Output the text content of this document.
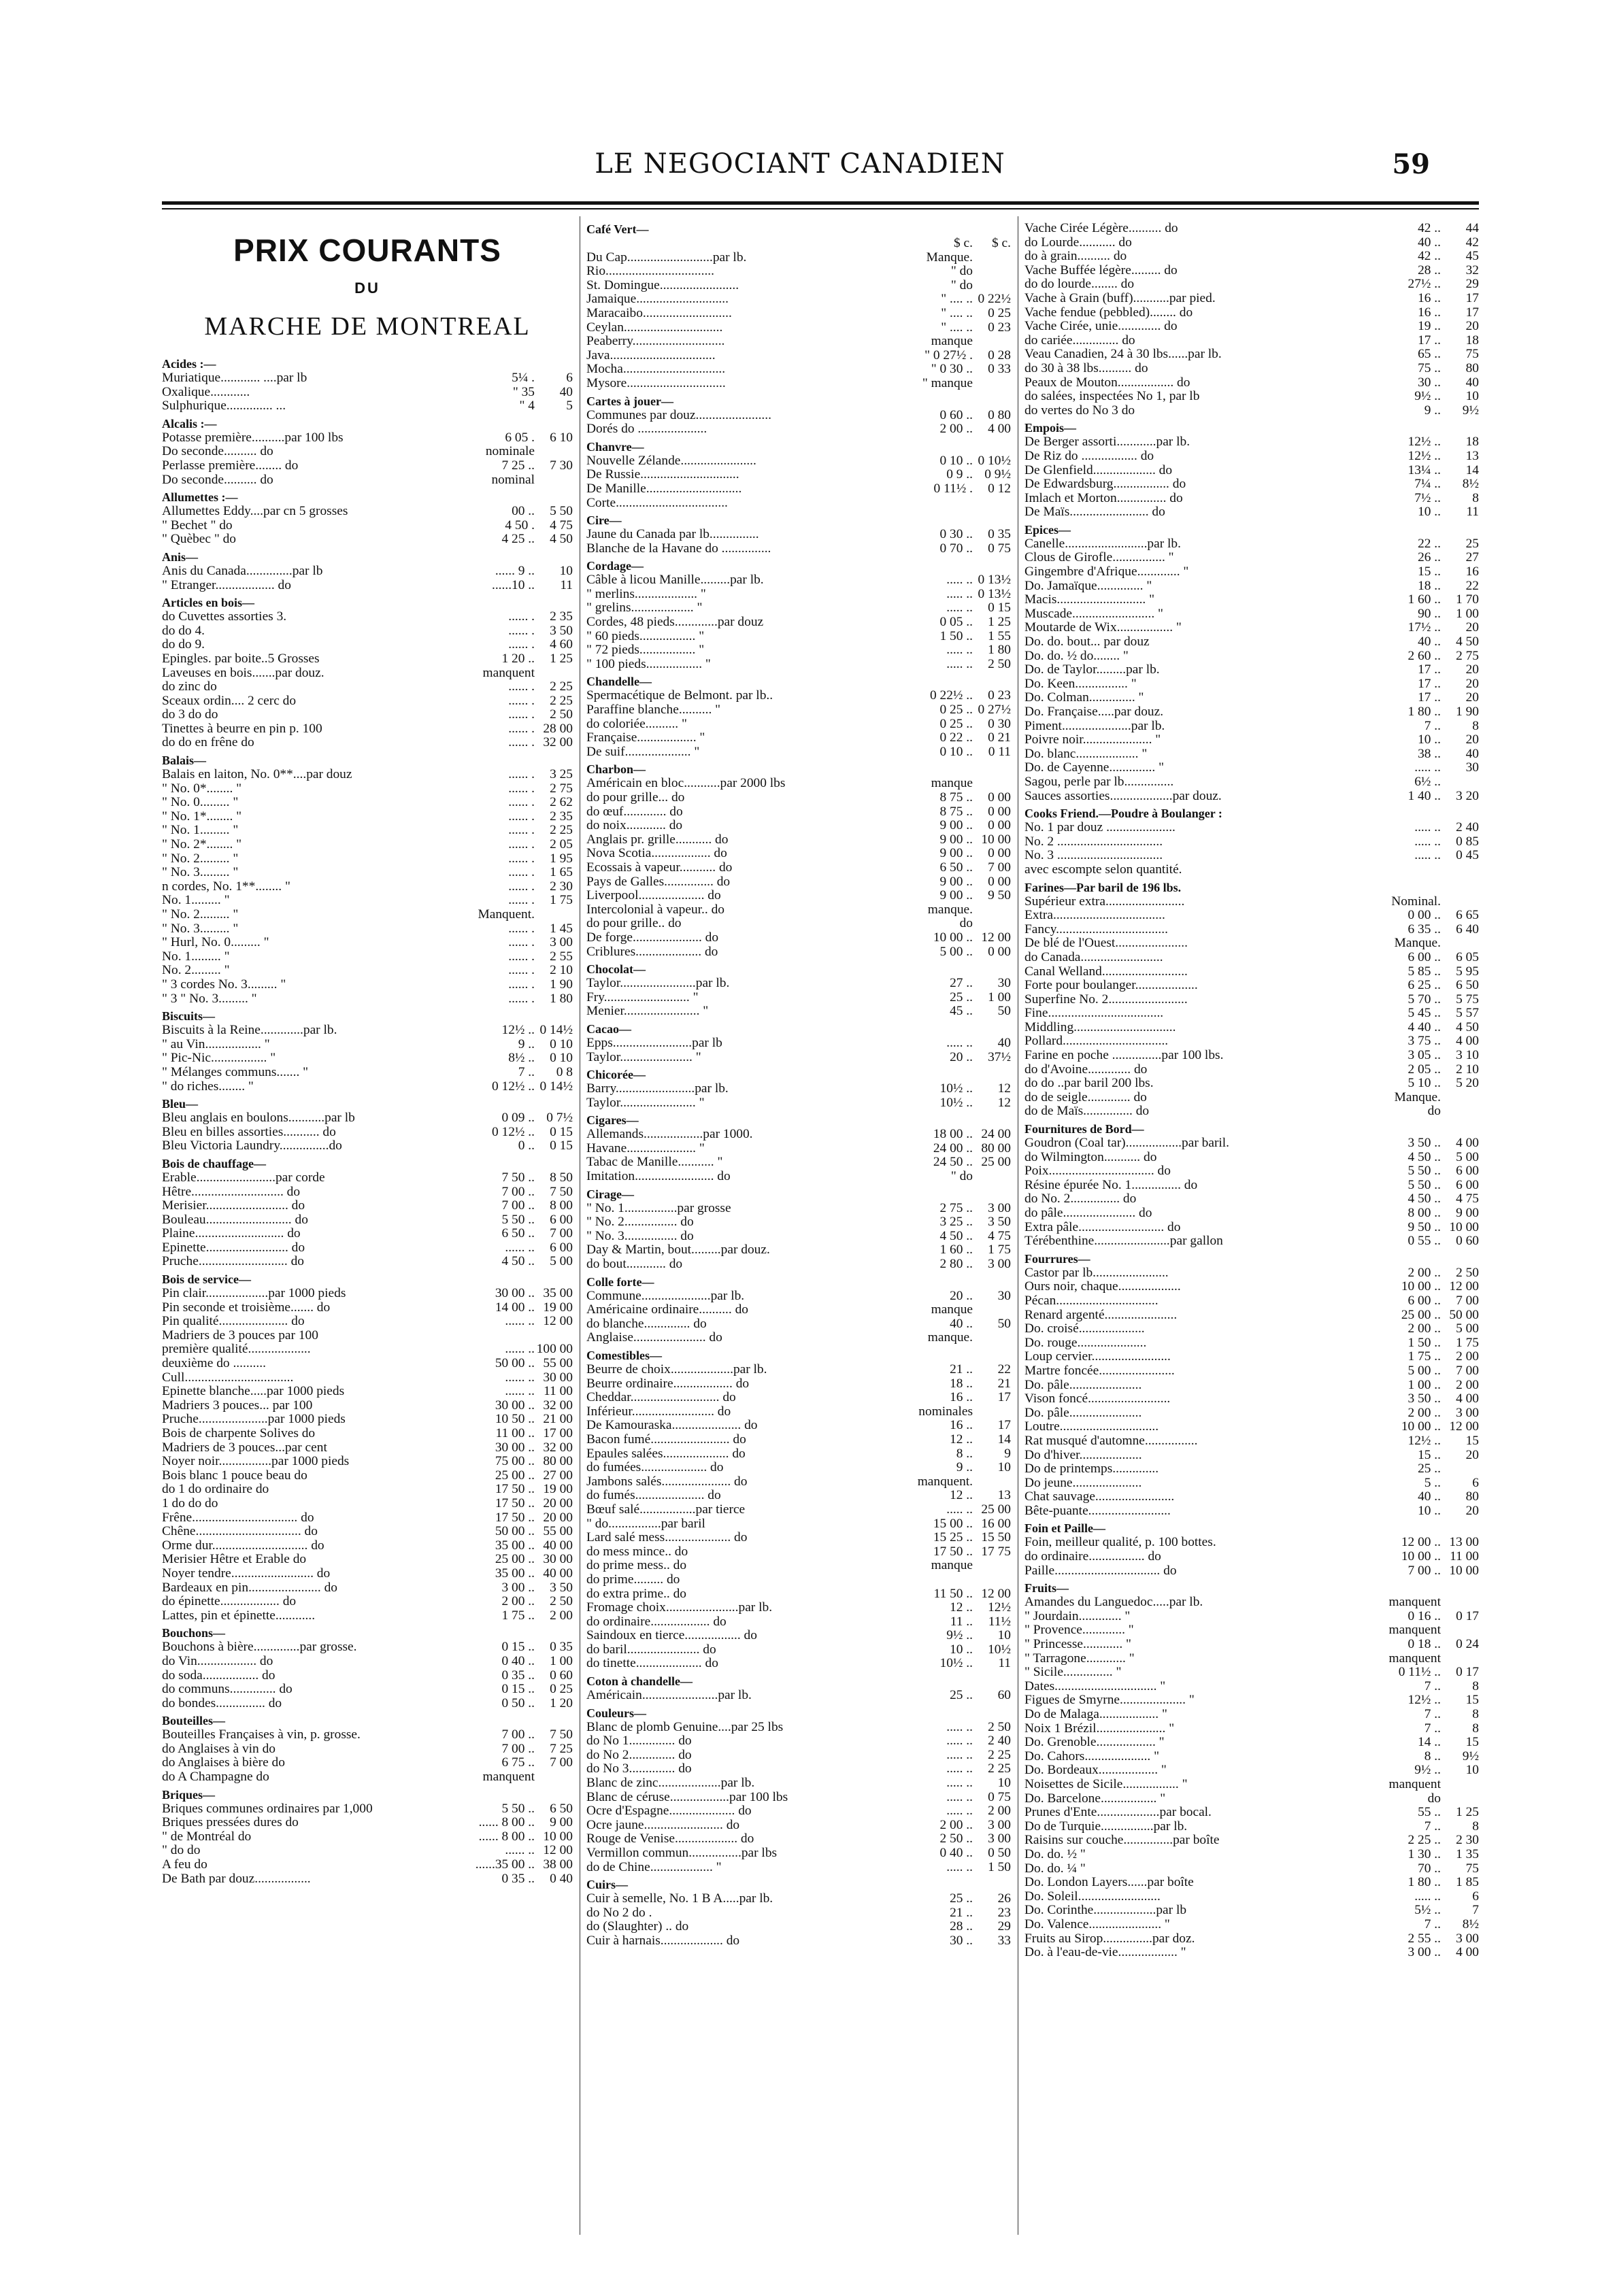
LE NEGOCIANT CANADIEN	59
PRIX COURANTS
DU
MARCHE DE MONTREAL
Acides :—
Muriatique............ ....par lb	5¼ .	6
Oxalique............	" 35	40
Sulphurique.............. ...	" 4	5
Alcalis :—
Potasse première..........par 100 lbs	6 05 .	6 10
Do seconde.......... do	nominale
Perlasse première........ do	7 25 ..	7 30
Do seconde.......... do	nominal
Allumettes :—
Allumettes Eddy....par cn 5 grosses	00 ..	5 50
" Bechet " do	4 50 .	4 75
" Quèbec " do	4 25 ..	4 50
Anis—
Anis du Canada..............par lb	...... 9 ..	10
" Etranger.................. do	......10 ..	11
Articles en bois—
do Cuvettes assorties 3.	...... .	2 35
do do 4.	...... .	3 50
do do 9.	...... .	4 60
Epingles. par boite..5 Grosses	1 20 ..	1 25
Laveuses en bois.......par douz.	manquent
do zinc do	...... .	2 25
Sceaux ordin.... 2 cerc do	...... .	2 25
do 3 do do	...... .	2 50
Tinettes à beurre en pin p. 100	...... . 28 00
do do en frêne do	...... . 32 00
Balais—
Balais en laiton, No. 0**....par douz	...... .	3 25
" No. 0*........ "	...... .	2 75
" No. 0......... "	...... .	2 62
" No. 1*........ "	...... .	2 35
" No. 1......... "	...... .	2 25
" No. 2*........ "	...... .	2 05
" No. 2......... "	...... .	1 95
" No. 3......... "	...... .	1 65
n cordes, No. 1**........ "	...... .	2 30
No. 1......... "	...... .	1 75
" No. 2......... "	Manquent.
" No. 3......... "	...... .	1 45
" Hurl, No. 0......... "	...... .	3 00
No. 1......... "	...... .	2 55
No. 2......... "	...... .	2 10
" 3 cordes No. 3......... "	...... .	1 90
" 3 " No. 3......... "	...... .	1 80
Biscuits—
Biscuits à la Reine.............par lb.	12½ .. 0 14½
" au Vin................. "	9 ..	0 10
" Pic-Nic................. "	8½ ..	0 10
" Mélanges communs....... "	7 ..	0 8
" do riches........ "	0 12½ .. 0 14½
Bleu—
Bleu anglais en boulons...........par lb	0 09 .. 0 7½
Bleu en billes assorties........... do	0 12½ ..	0 15
Bleu Victoria Laundry...............do	0 ..	0 15
Bois de chauffage—
Erable........................par corde	7 50 ..	8 50
Hêtre............................ do	7 00 ..	7 50
Merisier......................... do	7 00 ..	8 00
Bouleau.......................... do	5 50 ..	6 00
Plaine........................... do	6 50 ..	7 00
Epinette......................... do	...... ..	6 00
Pruche........................... do	4 50 ..	5 00
Bois de service—
Pin clair...................par 1000 pieds	30 00 .. 35 00
Pin seconde et troisième....... do	14 00 .. 19 00
Pin qualité..................... do	...... .. 12 00
Madriers de 3 pouces par 100
première qualité...................	...... .. 100 00
deuxième do ..........	50 00 .. 55 00
Cull.................................	...... .. 30 00
Epinette blanche.....par 1000 pieds	...... .. 11 00
Madriers 3 pouces... par 100	30 00 .. 32 00
Pruche.....................par 1000 pieds	10 50 .. 21 00
Bois de charpente Solives do	11 00 .. 17 00
Madriers de 3 pouces...par cent	30 00 .. 32 00
Noyer noir................par 1000 pieds	75 00 .. 80 00
Bois blanc 1 pouce beau do	25 00 .. 27 00
do 1 do ordinaire do	17 50 .. 19 00
1 do do do	17 50 .. 20 00
Frêne................................ do	17 50 .. 20 00
Chêne................................ do	50 00 .. 55 00
Orme dur............................. do	35 00 .. 40 00
Merisier Hêtre et Erable do	25 00 .. 30 00
Noyer tendre......................... do	35 00 .. 40 00
Bardeaux en pin...................... do	3 00 ..	3 50
do épinette.................. do	2 00 ..	2 50
Lattes, pin et épinette............	1 75 ..	2 00
Bouchons—
Bouchons à bière..............par grosse.	0 15 ..	0 35
do Vin.................. do	0 40 ..	1 00
do soda................. do	0 35 ..	0 60
do communs.............. do	0 15 ..	0 25
do bondes............... do	0 50 ..	1 20
Bouteilles—
Bouteilles Françaises à vin, p. grosse.	7 00 ..	7 50
do Anglaises à vin do	7 00 ..	7 25
do Anglaises à bière do	6 75 ..	7 00
do A Champagne do	manquent
Briques—
Briques communes ordinaires par 1,000	5 50 ..	6 50
Briques pressées dures do	...... 8 00 ..	9 00
" de Montréal do	...... 8 00 .. 10 00
" do do	...... .. 12 00
A feu do	......35 00 .. 38 00
De Bath par douz.................	0 35 ..	0 40
Café Vert—
$ c.	$ c.
Du Cap..........................par lb.	Manque.
Rio.................................	" do
St. Domingue........................	" do
Jamaique............................	" .... .. 0 22½
Maracaibo...........................	" .... ..	0 25
Ceylan..............................	" .... ..	0 23
Peaberry............................	manque
Java................................	" 0 27½ .	0 28
Mocha...............................	" 0 30 ..	0 33
Mysore..............................	" manque
Cartes à jouer—
Communes par douz.......................	0 60 ..	0 80
Dorés do .....................	2 00 ..	4 00
Chanvre—
Nouvelle Zélande.......................	0 10 .. 0 10½
De Russie..............................	0 9 .. 0 9½
De Manille.............................	0 11½ .	0 12
Corte..................................
Cire—
Jaune du Canada par lb...............	0 30 ..	0 35
Blanche de la Havane do ...............	0 70 ..	0 75
Cordage—
Câble à licou Manille.........par lb.	..... .. 0 13½
" merlins................... "	..... .. 0 13½
" grelins................... "	..... ..	0 15
Cordes, 48 pieds.............par douz	0 05 ..	1 25
" 60 pieds................. "	1 50 ..	1 55
" 72 pieds................. "	..... ..	1 80
" 100 pieds................. "	..... ..	2 50
Chandelle—
Spermacétique de Belmont. par lb..	0 22½ ..	0 23
Paraffine blanche.......... "	0 25 .. 0 27½
do coloriée.......... "	0 25 ..	0 30
Française.................. "	0 22 ..	0 21
De suif.................... "	0 10 ..	0 11
Charbon—
Américain en bloc...........par 2000 lbs	manque
do pour grille... do	8 75 ..	0 00
do œuf............. do	8 75 ..	0 00
do noix............ do	9 00 ..	0 00
Anglais pr. grille........... do	9 00 .. 10 00
Nova Scotia.................. do	9 00 ..	0 00
Ecossais à vapeur........... do	6 50 ..	7 00
Pays de Galles............... do	9 00 ..	0 00
Liverpool.................... do	9 00 ..	9 50
Intercolonial à vapeur.. do	manque.
do pour grille.. do	do
De forge..................... do	10 00 .. 12 00
Criblures.................... do	5 00 ..	0 00
Chocolat—
Taylor.......................par lb.	27 ..	30
Fry.......................... "	25 ..	1 00
Menier....................... "	45 ..	50
Cacao—
Epps........................par lb	..... ..	40
Taylor...................... "	20 ..	37½
Chicorée—
Barry........................par lb.	10½ ..	12
Taylor....................... "	10½ ..	12
Cigares—
Allemands..................par 1000.	18 00 .. 24 00
Havane..................... "	24 00 .. 80 00
Tabac de Manille........... "	24 50 .. 25 00
Imitation........................ do	" do
Cirage—
" No. 1................par grosse	2 75 ..	3 00
" No. 2................ do	3 25 ..	3 50
" No. 3................ do	4 50 ..	4 75
Day & Martin, bout.........par douz.	1 60 ..	1 75
do bout............ do	2 80 ..	3 00
Colle forte—
Commune.....................par lb.	20 ..	30
Américaine ordinaire.......... do	manque
do blanche.............. do	40 ..	50
Anglaise...................... do	manque.
Comestibles—
Beurre de choix...................par lb.	21 ..	22
Beurre ordinaire.................. do	18 ..	21
Cheddar........................... do	16 ..	17
Inférieur......................... do	nominales
De Kamouraska..................... do	16 ..	17
Bacon fumé........................ do	12 ..	14
Epaules salées.................... do	8 ..	9
do fumées.................... do	9 ..	10
Jambons salés..................... do	manquent.
do fumés..................... do	12 ..	13
Bœuf salé.................par tierce	..... .. 25 00
" do................par baril	15 00 .. 16 00
Lard salé mess.................... do	15 25 .. 15 50
do mess mince.. do	17 50 .. 17 75
do prime mess.. do	manque
do prime......... do
do extra prime.. do	11 50 .. 12 00
Fromage choix......................par lb.	12 ..	12½
do ordinaire.................. do	11 ..	11½
Saindoux en tierce................. do	9½ ..	10
do baril...................... do	10 ..	10½
do tinette.................... do	10½ ..	11
Coton à chandelle—
Américain.......................par lb.	25 ..	60
Couleurs—
Blanc de plomb Genuine....par 25 lbs	..... ..	2 50
do No 1.............. do	..... ..	2 40
do No 2.............. do	..... ..	2 25
do No 3.............. do	..... ..	2 25
Blanc de zinc...................par lb.	..... ..	10
Blanc de céruse..................par 100 lbs	..... ..	0 75
Ocre d'Espagne.................... do	..... ..	2 00
Ocre jaune........................ do	2 00 ..	3 00
Rouge de Venise................... do	2 50 ..	3 00
Vermillon commun................par lbs	0 40 ..	0 50
do de Chine................... "	..... ..	1 50
Cuirs—
Cuir à semelle, No. 1 B A.....par lb.	25 ..	26
do No 2 do .	21 ..	23
do (Slaughter) .. do	28 ..	29
Cuir à harnais................... do	30 ..	33
Vache Cirée Légère.......... do	42 ..	44
do Lourde........... do	40 ..	42
do à grain.......... do	42 ..	45
Vache Buffée légère......... do	28 ..	32
do do lourde........ do	27½ ..	29
Vache à Grain (buff)...........par pied.	16 ..	17
Vache fendue (pebbled)........ do	16 ..	17
Vache Cirée, unie............. do	19 ..	20
do cariée.............. do	17 ..	18
Veau Canadien, 24 à 30 lbs......par lb.	65 ..	75
do 30 à 38 lbs.......... do	75 ..	80
Peaux de Mouton................. do	30 ..	40
do salées, inspectées No 1, par lb	9½ ..	10
do vertes do No 3 do	9 ..	9½
Empois—
De Berger assorti............par lb.	12½ ..	18
De Riz do ................. do	12½ ..	13
De Glenfield................... do	13¼ ..	14
De Edwardsburg................. do	7¼ ..	8½
Imlach et Morton............... do	7½ ..	8
De Maïs........................ do	10 ..	11
Epices—
Canelle.........................par lb.	22 ..	25
Clous de Girofle................ "	26 ..	27
Gingembre d'Afrique............. "	15 ..	16
Do. Jamaïque.............. "	18 ..	22
Macis........................... "	1 60 ..	1 70
Muscade......................... "	90 ..	1 00
Moutarde de Wix................. "	17½ ..	20
Do. do. bout... par douz	40 ..	4 50
Do. do. ½ do........ "	2 60 ..	2 75
Do. de Taylor.........par lb.	17 ..	20
Do. Keen................ "	17 ..	20
Do. Colman.............. "	17 ..	20
Do. Française.....par douz.	1 80 ..	1 90
Piment.....................par lb.	7 ..	8
Poivre noir..................... "	10 ..	20
Do. blanc................... "	38 ..	40
Do. de Cayenne.............. "	..... ..	30
Sagou, perle par lb...............	6½ ..
Sauces assorties...................par douz.	1 40 ..	3 20
Cooks Friend.—Poudre à Boulanger :
No. 1 par douz .....................	..... ..	2 40
No. 2 ................................	..... ..	0 85
No. 3 ................................	..... ..	0 45
avec escompte selon quantité.
Farines—Par baril de 196 lbs.
Supérieur extra........................	Nominal.
Extra..................................	0 00 ..	6 65
Fancy..................................	6 35 ..	6 40
De blé de l'Ouest......................	Manque.
do Canada.........................	6 00 ..	6 05
Canal Welland..........................	5 85 ..	5 95
Forte pour boulanger...................	6 25 ..	6 50
Superfine No. 2........................	5 70 ..	5 75
Fine...................................	5 45 ..	5 57
Middling...............................	4 40 ..	4 50
Pollard................................	3 75 ..	4 00
Farine en poche ...............par 100 lbs.	3 05 ..	3 10
do d'Avoine............. do	2 05 ..	2 10
do do ..par baril 200 lbs.	5 10 ..	5 20
do de seigle............. do	Manque.
do de Maïs............... do	do
Fournitures de Bord—
Goudron (Coal tar).................par baril.	3 50 ..	4 00
do Wilmington........... do	4 50 ..	5 00
Poix................................ do	5 50 ..	6 00
Résine épurée No. 1............... do	5 50 ..	6 00
do No. 2............... do	4 50 ..	4 75
do pâle...................... do	8 00 ..	9 00
Extra pâle.......................... do	9 50 .. 10 00
Térébenthine.......................par gallon	0 55 ..	0 60
Fourrures—
Castor par lb.......................	2 00 ..	2 50
Ours noir, chaque...................	10 00 .. 12 00
Pécan...............................	6 00 ..	7 00
Renard argenté......................	25 00 .. 50 00
Do. croisé....................	2 00 ..	5 00
Do. rouge.....................	1 50 ..	1 75
Loup cervier........................	1 75 ..	2 00
Martre foncée.......................	5 00 ..	7 00
Do. pâle......................	1 00 ..	2 00
Vison foncé.........................	3 50 ..	4 00
Do. pâle......................	2 00 ..	3 00
Loutre..............................	10 00 .. 12 00
Rat musqué d'automne................	12½ ..	15
Do d'hiver...................	15 ..	20
Do de printemps..............	25 ..
Do jeune.....................	5 ..	6
Chat sauvage........................	40 ..	80
Bête-puante.........................	10 ..	20
Foin et Paille—
Foin, meilleur qualité, p. 100 bottes.	12 00 .. 13 00
do ordinaire................. do	10 00 .. 11 00
Paille................................ do	7 00 .. 10 00
Fruits—
Amandes du Languedoc.....par lb.	manquent
" Jourdain............. "	0 16 ..	0 17
" Provence............. "	manquent
" Princesse............ "	0 18 ..	0 24
" Tarragone............ "	manquent
" Sicile............... "	0 11½ ..	0 17
Dates............................... "	7 ..	8
Figues de Smyrne.................... "	12½ ..	15
Do de Malaga.................. "	7 ..	8
Noix 1 Brézil..................... "	7 ..	8
Do. Grenoble.................. "	14 ..	15
Do. Cahors.................... "	8 ..	9½
Do. Bordeaux.................. "	9½ ..	10
Noisettes de Sicile................. "	manquent
Do. Barcelone................. "	do
Prunes d'Ente...................par bocal.	55 ..	1 25
Do de Turquie................par lb.	7 ..	8
Raisins sur couche...............par boîte	2 25 ..	2 30
Do. do. ½ "	1 30 ..	1 35
Do. do. ¼ "	70 ..	75
Do. London Layers......par boîte	1 80 ..	1 85
Do. Soleil.........................	..... ..	6
Do. Corinthe...................par lb	5½ ..	7
Do. Valence...................... "	7 ..	8½
Fruits au Sirop...............par doz.	2 55 ..	3 00
Do. à l'eau-de-vie.................. "	3 00 ..	4 00
